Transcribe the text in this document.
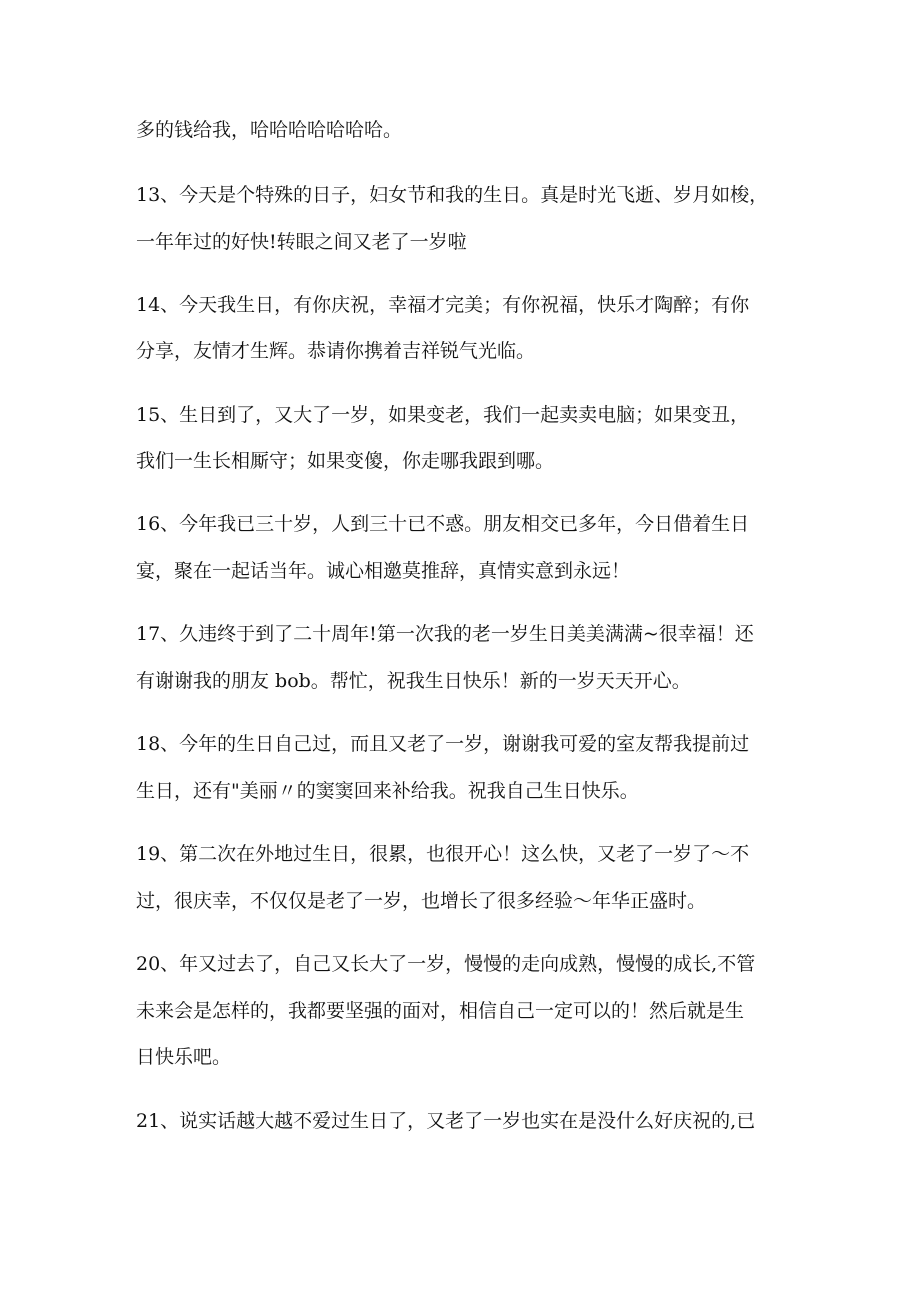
多的钱给我，哈哈哈哈哈哈哈。

13、今天是个特殊的日子，妇女节和我的生日。真是时光飞逝、岁月如梭，

一年年过的好快!转眼之间又老了一岁啦

14、今天我生日，有你庆祝，幸福才完美；有你祝福，快乐才陶醉；有你

分享，友情才生辉。恭请你携着吉祥锐气光临。

15、生日到了，又大了一岁，如果变老，我们一起卖卖电脑；如果变丑，

我们一生长相厮守；如果变傻，你走哪我跟到哪。

16、今年我已三十岁，人到三十已不惑。朋友相交已多年，今日借着生日

宴，聚在一起话当年。诚心相邀莫推辞，真情实意到永远！

17、久违终于到了二十周年!第一次我的老一岁生日美美满满~很幸福！还

有谢谢我的朋友 bob。帮忙，祝我生日快乐！新的一岁天天开心。

18、今年的生日自己过，而且又老了一岁，谢谢我可爱的室友帮我提前过

生日，还有"美丽〃的窦窦回来补给我。祝我自己生日快乐。

19、第二次在外地过生日，很累，也很开心！这么快，又老了一岁了～不

过，很庆幸，不仅仅是老了一岁，也增长了很多经验～年华正盛时。

20、年又过去了，自己又长大了一岁，慢慢的走向成熟，慢慢的成长,不管

未来会是怎样的，我都要坚强的面对，相信自己一定可以的！然后就是生

日快乐吧。

21、说实话越大越不爱过生日了，又老了一岁也实在是没什么好庆祝的,已
